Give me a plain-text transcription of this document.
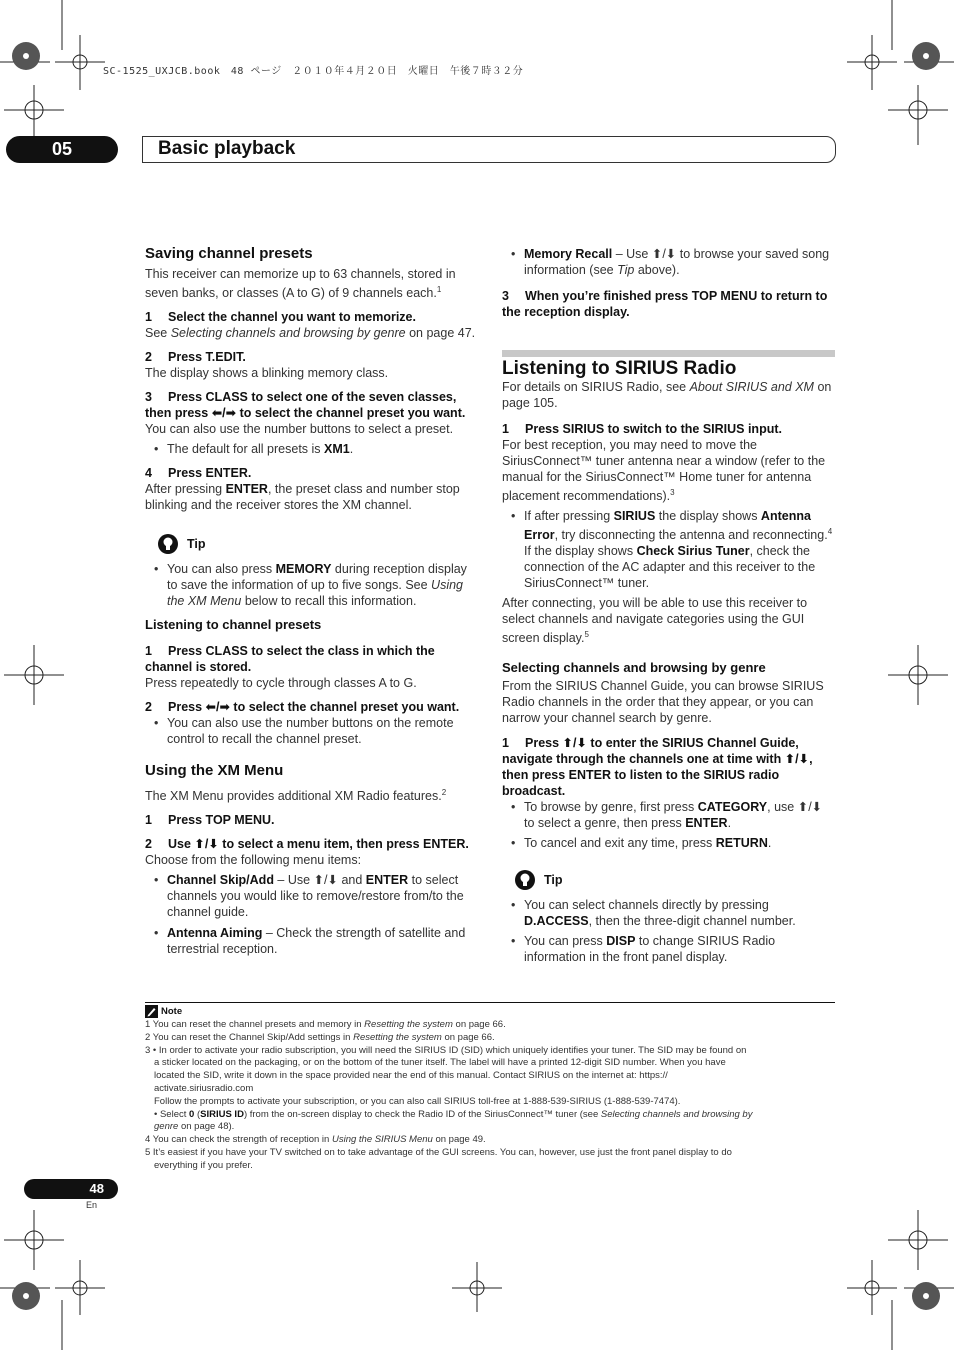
SC-1525_UXJCB.book　48 ページ　２０１０年４月２０日　火曜日　午後７時３２分
05	Basic playback
Saving channel presets

This receiver can memorize up to 63 channels, stored in seven banks, or classes (A to G) of 9 channels each.$^1$

1 Select the channel you want to memorize.

See Selecting channels and browsing by genre on page 47.

2 Press T.EDIT.

The display shows a blinking memory class.

3 Press CLASS to select one of the seven classes, then press ⬅/➡ to select the channel preset you want.

You can also use the number buttons to select a preset.

• The default for all presets is XM1.

4 Press ENTER.

After pressing ENTER, the preset class and number stop blinking and the receiver stores the XM channel.

Tip
• You can also press MEMORY during reception display to save the information of up to five songs. See Using the XM Menu below to recall this information.
Listening to channel presets

1 Press CLASS to select the class in which the channel is stored.

Press repeatedly to cycle through classes A to G.

2 Press ⬅/➡ to select the channel preset you want.

• You can also use the number buttons on the remote control to recall the channel preset.
Using the XM Menu

The XM Menu provides additional XM Radio features.$^2$

1 Press TOP MENU.

2 Use ⬆/⬇ to select a menu item, then press ENTER.

Choose from the following menu items:

• Channel Skip/Add – Use ⬆/⬇ and ENTER to select channels you would like to remove/restore from/to the channel guide.
• Antenna Aiming – Check the strength of satellite and terrestrial reception.
• Memory Recall – Use ⬆/⬇ to browse your saved song information (see Tip above).

3 When you’re finished press TOP MENU to return to the reception display.

Listening to SIRIUS Radio

For details on SIRIUS Radio, see About SIRIUS and XM on page 105.

1 Press SIRIUS to switch to the SIRIUS input.

For best reception, you may need to move the SiriusConnect™ tuner antenna near a window (refer to the manual for the SiriusConnect™ Home tuner for antenna placement recommendations).$^3$

• If after pressing SIRIUS the display shows Antenna Error, try disconnecting the antenna and reconnecting.$^4$ If the display shows Check Sirius Tuner, check the connection of the AC adapter and this receiver to the SiriusConnect™ tuner.

After connecting, you will be able to use this receiver to select channels and navigate categories using the GUI screen display.$^5$

Selecting channels and browsing by genre

From the SIRIUS Channel Guide, you can browse SIRIUS Radio channels in the order that they appear, or you can narrow your channel search by genre.

1 Press ⬆/⬇ to enter the SIRIUS Channel Guide, navigate through the channels one at time with ⬆/⬇, then press ENTER to listen to the SIRIUS radio broadcast.

• To browse by genre, first press CATEGORY, use ⬆/⬇ to select a genre, then press ENTER.
• To cancel and exit any time, press RETURN.
Tip
• You can select channels directly by pressing D.ACCESS, then the three-digit channel number.
• You can press DISP to change SIRIUS Radio information in the front panel display.
Note

1 You can reset the channel presets and memory in Resetting the system on page 66.

2 You can reset the Channel Skip/Add settings in Resetting the system on page 66.

3 • In order to activate your radio subscription, you will need the SIRIUS ID (SID) which uniquely identifies your tuner. The SID may be found on

a sticker located on the packaging, or on the bottom of the tuner itself. The label will have a printed 12-digit SID number. When you have

located the SID, write it down in the space provided near the end of this manual. Contact SIRIUS on the internet at: https://

activate.siriusradio.com

Follow the prompts to activate your subscription, or you can also call SIRIUS toll-free at 1-888-539-SIRIUS (1-888-539-7474).

• Select 0 (SIRIUS ID) from the on-screen display to check the Radio ID of the SiriusConnect™ tuner (see Selecting channels and browsing by

genre on page 48).

4 You can check the strength of reception in Using the SIRIUS Menu on page 49.

5 It’s easiest if you have your TV switched on to take advantage of the GUI screens. You can, however, use just the front panel display to do

everything if you prefer.

48
En
